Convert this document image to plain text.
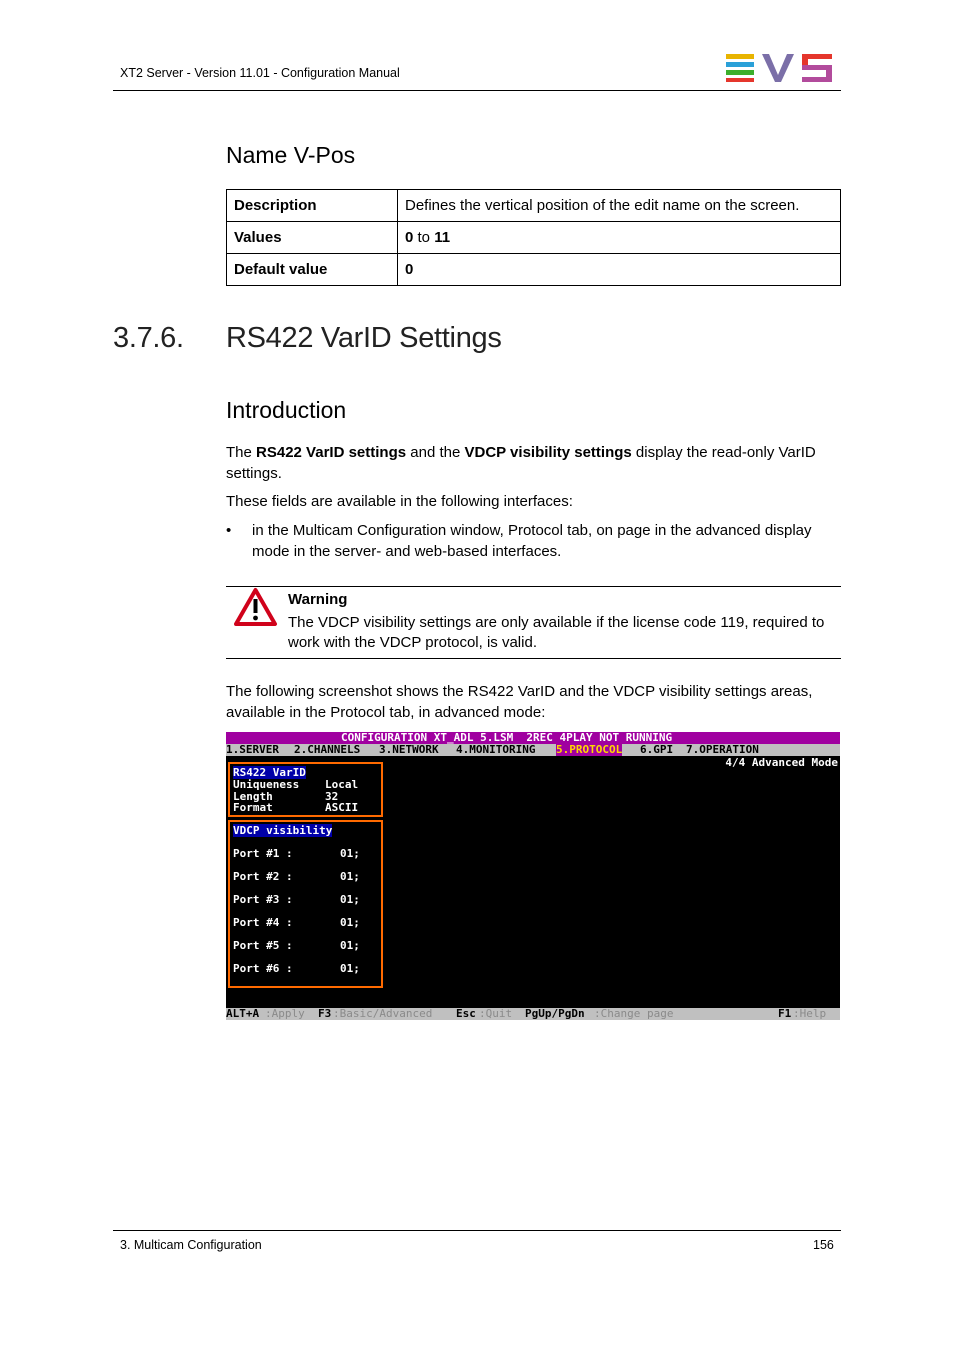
XT2 Server - Version 11.01 - Configuration Manual
Name V-Pos
Description	Defines the vertical position of the edit name on the screen.
Values	0 to 11
Default value	0
3.7.6. RS422 VarID Settings
Introduction
The RS422 VarID settings and the VDCP visibility settings display the read-only VarID settings.
These fields are available in the following interfaces:
• in the Multicam Configuration window, Protocol tab, on page in the advanced display mode in the server- and web-based interfaces.
Warning
The VDCP visibility settings are only available if the license code 119, required to work with the VDCP protocol, is valid.
The following screenshot shows the RS422 VarID and the VDCP visibility settings areas, available in the Protocol tab, in advanced mode:
CONFIGURATION XT_ADL 5.LSM  2REC 4PLAY NOT RUNNING

1.SERVER

2.CHANNELS

3.NETWORK

4.MONITORING

5.PROTOCOL

6.GPI

7.OPERATION

4/4 Advanced Mode
RS422 VarID
Uniqueness Local
Length	32
Format	ASCII
VDCP visibility
Port #1 :	01;
Port #2 :	01;
Port #3 :	01;
Port #4 :	01;
Port #5 :	01;
Port #6 :	01;

ALT+A

:Apply

F3

:Basic/Advanced

Esc

:Quit

PgUp/PgDn

:Change page

	F1

:Help

3. Multicam Configuration	156
